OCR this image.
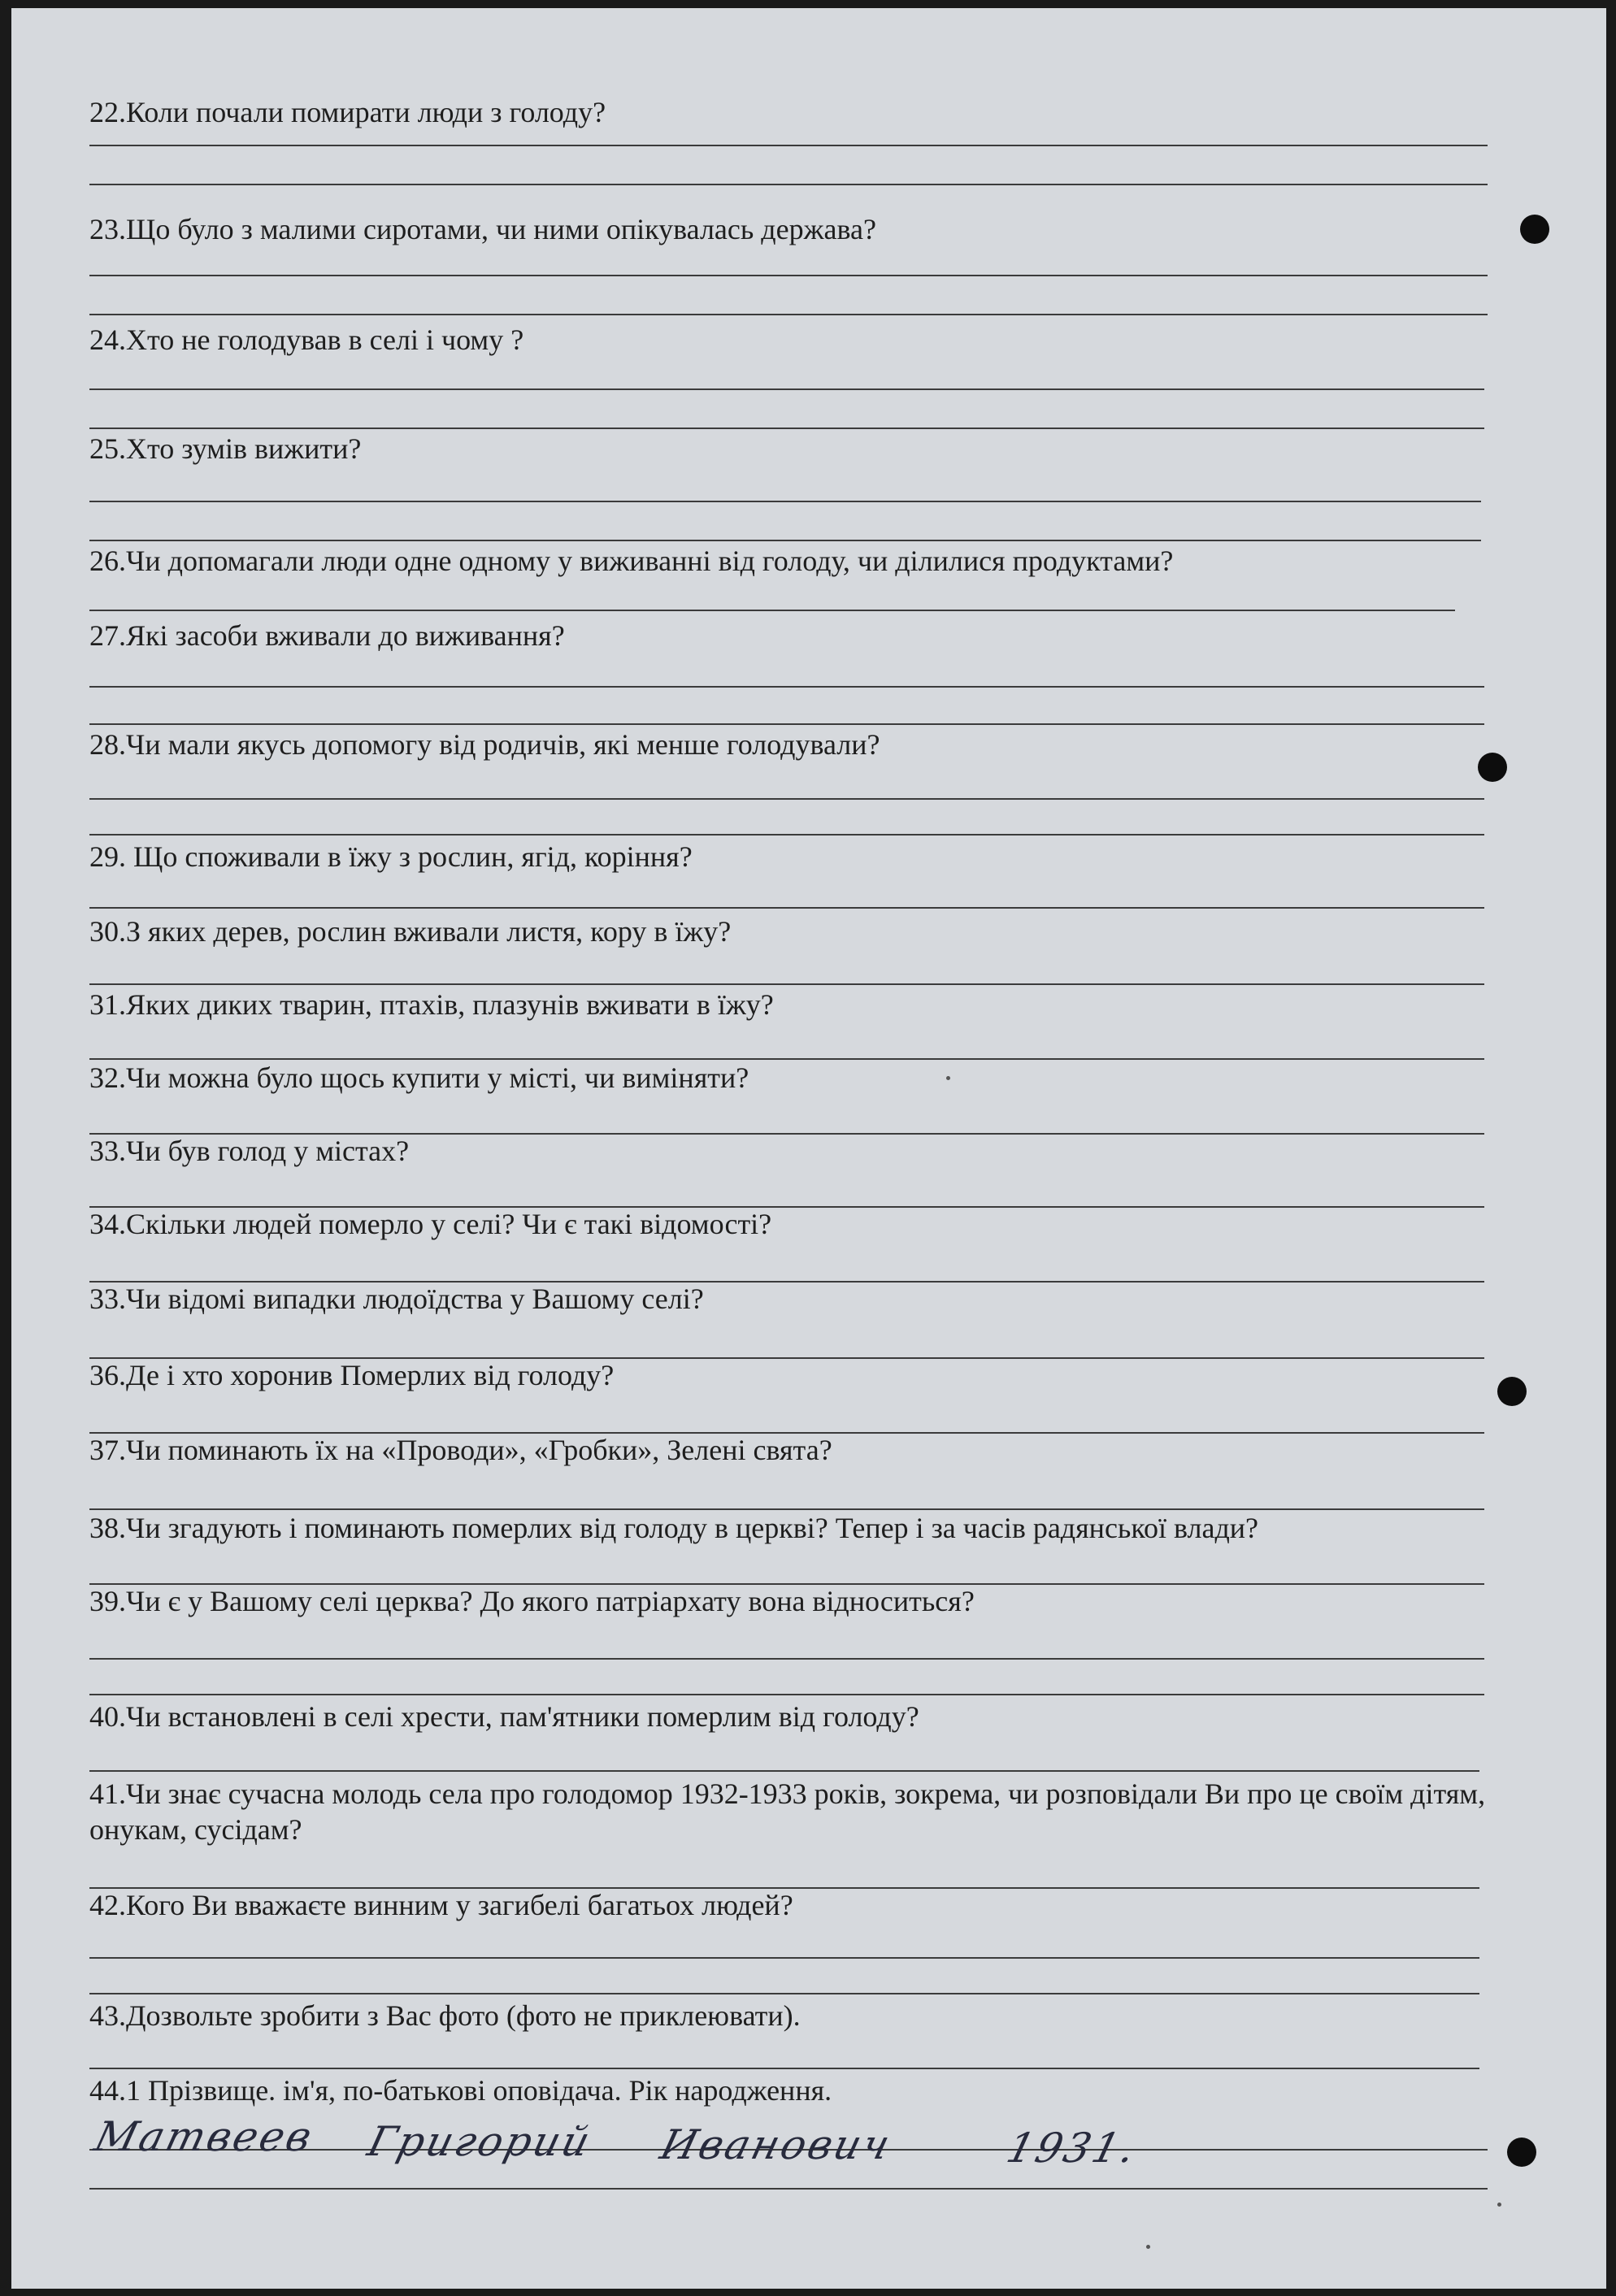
22.Коли почали помирати люди з голоду?
23.Що було з малими сиротами, чи ними опікувалась держава?
24.Хто не голодував в селі і чому ?
25.Хто зумів вижити?
26.Чи допомагали люди одне одному у виживанні від голоду, чи ділилися продуктами?
27.Які засоби вживали до виживання?
28.Чи мали якусь допомогу від родичів, які менше голодували?
29. Що споживали в їжу з рослин, ягід, коріння?
30.З яких дерев, рослин вживали листя, кору в їжу?
31.Яких диких тварин, птахів, плазунів вживати в їжу?
32.Чи можна було щось купити у місті, чи виміняти?
33.Чи був голод у містах?
34.Скільки людей померло у селі? Чи є такі відомості?
33.Чи відомі випадки людоїдства у Вашому селі?
36.Де і хто хоронив Померлих від голоду?
37.Чи поминають їх на «Проводи», «Гробки», Зелені свята?
38.Чи згадують і поминають померлих від голоду в церкві? Тепер і за часів радянської влади?
39.Чи є у Вашому селі церква? До якого патріархату вона відноситься?
40.Чи встановлені в селі хрести, пам'ятники померлим від голоду?
41.Чи знає сучасна молодь села про голодомор 1932-1933 років, зокрема, чи розповідали Ви про це своїм дітям, онукам, сусідам?
42.Кого Ви вважаєте винним у загибелі багатьох людей?
43.Дозвольте зробити з Вас фото (фото не приклеювати).
44.1 Прізвище. ім'я, по-батькові оповідача. Рік народження.
Матвеев Григорий Иванович	1931.
